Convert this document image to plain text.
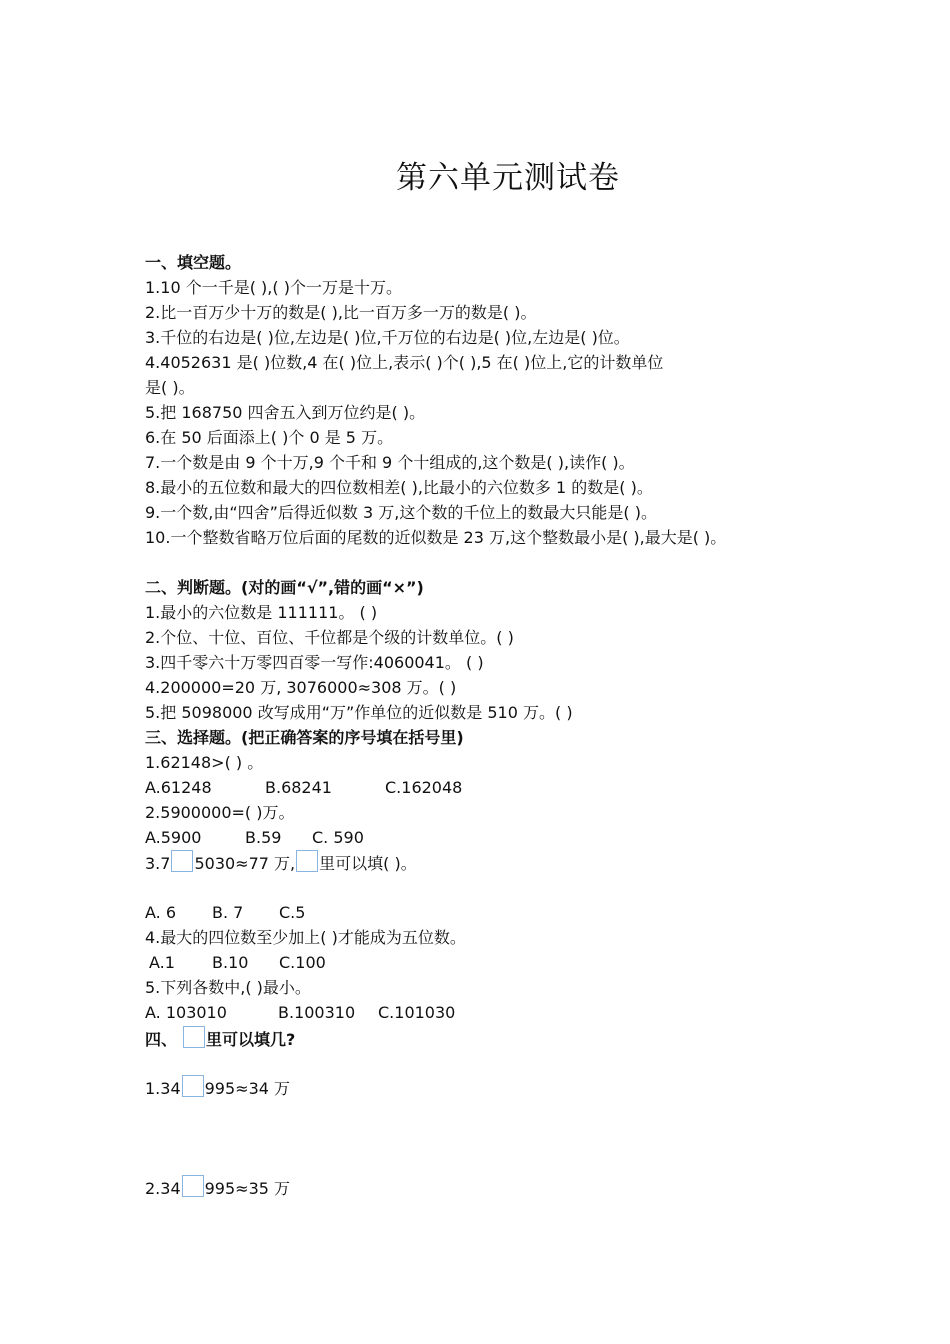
第六单元测试卷
一、填空题。
1.10 个一千是( ),( )个一万是十万。
2.比一百万少十万的数是( ),比一百万多一万的数是( )。
3.千位的右边是( )位,左边是( )位,千万位的右边是( )位,左边是( )位。
4.4052631 是( )位数,4 在( )位上,表示( )个( ),5 在( )位上,它的计数单位
是( )。
5.把 168750 四舍五入到万位约是( )。
6.在 50 后面添上( )个 0 是 5 万。
7.一个数是由 9 个十万,9 个千和 9 个十组成的,这个数是( ),读作( )。
8.最小的五位数和最大的四位数相差( ),比最小的六位数多 1 的数是( )。
9.一个数,由“四舍”后得近似数 3 万,这个数的千位上的数最大只能是( )。
10.一个整数省略万位后面的尾数的近似数是 23 万,这个整数最小是( ),最大是( )。
二、判断题。(对的画“√”,错的画“×”)
1.最小的六位数是 111111。 ( )
2.个位、十位、百位、千位都是个级的计数单位。( )
3.四千零六十万零四百零一写作:4060041。 ( )
4.200000=20 万, 3076000≈308 万。( )
5.把 5098000 改写成用“万”作单位的近似数是 510 万。( )
三、选择题。(把正确答案的序号填在括号里)
1.62148>( ) 。
A.61248	B.68241	C.162048
2.5900000=( )万。
A.5900	B.59 C. 590
3.7 5030≈77 万, 里可以填( )。
A. 6 B. 7 C.5
4.最大的四位数至少加上( )才能成为五位数。
A.1 B.10 C.100
5.下列各数中,( )最小。
A. 103010	B.100310 C.101030
四、 里可以填几?
1.34 995≈34 万
2.34 995≈35 万
